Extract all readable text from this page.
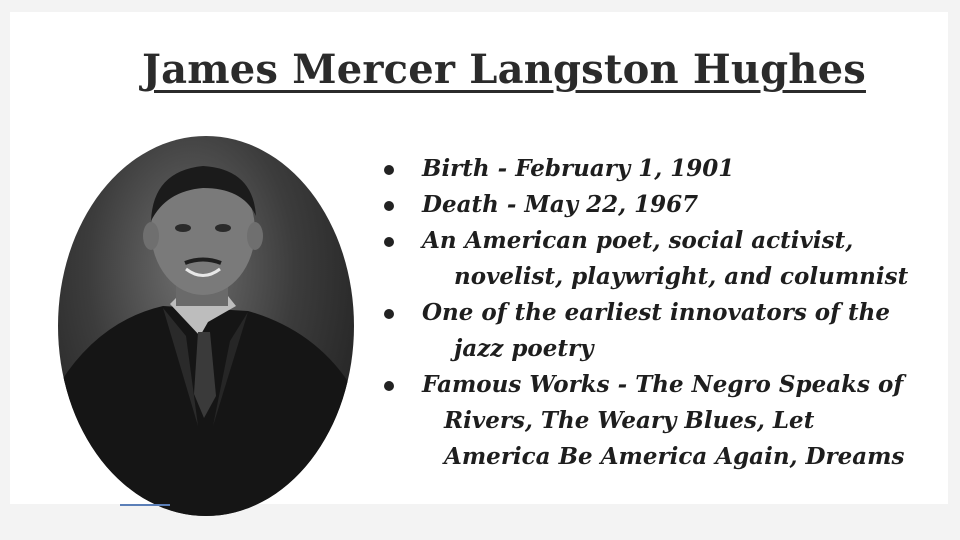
James Mercer Langston Hughes
Birth - February 1, 1901
Death - May 22, 1967
An American poet, social activist,
novelist, playwright, and columnist
One of the earliest innovators of the
jazz poetry
Famous Works - The Negro Speaks of
Rivers, The Weary Blues, Let
America Be America Again, Dreams
